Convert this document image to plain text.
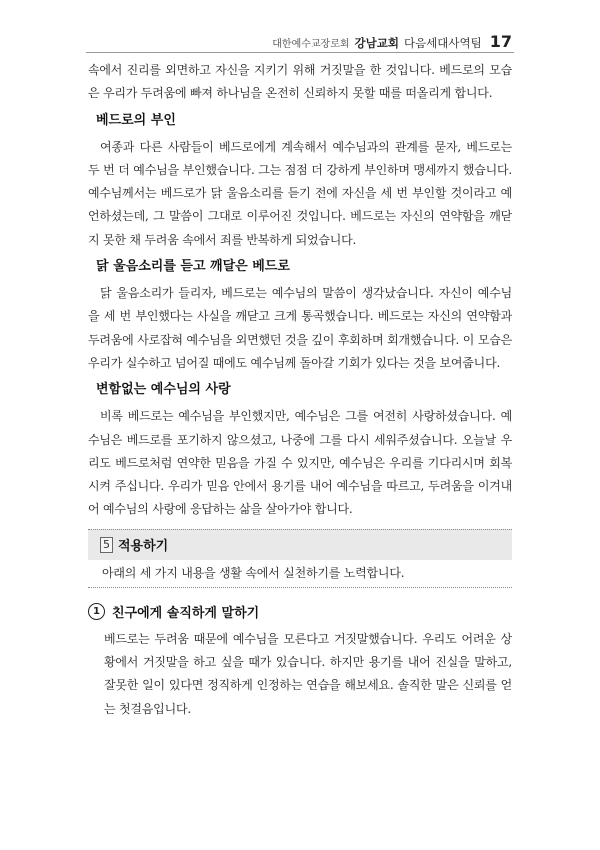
대한예수교장로회 강남교회 다음세대사역팀 17

속에서 진리를 외면하고 자신을 지키기 위해 거짓말을 한 것입니다. 베드로의 모습은 우리가 두려움에 빠져 하나님을 온전히 신뢰하지 못할 때를 떠올리게 합니다.

베드로의 부인

여종과 다른 사람들이 베드로에게 계속해서 예수님과의 관계를 묻자, 베드로는 두 번 더 예수님을 부인했습니다. 그는 점점 더 강하게 부인하며 맹세까지 했습니다. 예수님께서는 베드로가 닭 울음소리를 듣기 전에 자신을 세 번 부인할 것이라고 예언하셨는데, 그 말씀이 그대로 이루어진 것입니다. 베드로는 자신의 연약함을 깨닫지 못한 채 두려움 속에서 죄를 반복하게 되었습니다.

닭 울음소리를 듣고 깨달은 베드로

닭 울음소리가 들리자, 베드로는 예수님의 말씀이 생각났습니다. 자신이 예수님을 세 번 부인했다는 사실을 깨닫고 크게 통곡했습니다. 베드로는 자신의 연약함과 두려움에 사로잡혀 예수님을 외면했던 것을 깊이 후회하며 회개했습니다. 이 모습은 우리가 실수하고 넘어질 때에도 예수님께 돌아갈 기회가 있다는 것을 보여줍니다.

변함없는 예수님의 사랑

비록 베드로는 예수님을 부인했지만, 예수님은 그를 여전히 사랑하셨습니다. 예수님은 베드로를 포기하지 않으셨고, 나중에 그를 다시 세워주셨습니다. 오늘날 우리도 베드로처럼 연약한 믿음을 가질 수 있지만, 예수님은 우리를 기다리시며 회복시켜 주십니다. 우리가 믿음 안에서 용기를 내어 예수님을 따르고, 두려움을 이겨내어 예수님의 사랑에 응답하는 삶을 살아가야 합니다.

5 적용하기
아래의 세 가지 내용을 생활 속에서 실천하기를 노력합니다.
1 친구에게 솔직하게 말하기

베드로는 두려움 때문에 예수님을 모른다고 거짓말했습니다. 우리도 어려운 상황에서 거짓말을 하고 싶을 때가 있습니다. 하지만 용기를 내어 진실을 말하고, 잘못한 일이 있다면 정직하게 인정하는 연습을 해보세요. 솔직한 말은 신뢰를 얻는 첫걸음입니다.
